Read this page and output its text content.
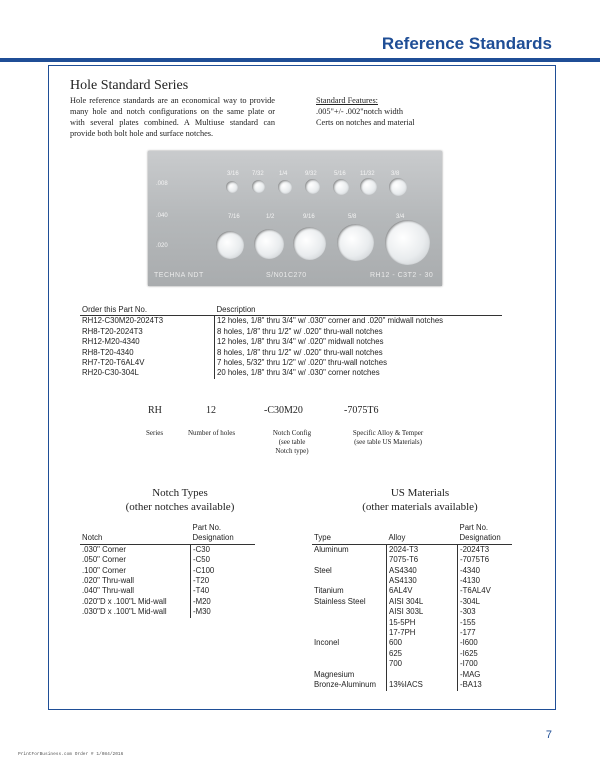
Reference Standards
Hole Standard Series
Hole reference standards are an economical way to provide many hole and notch configurations on the same plate or with several plates combined. A Multiuse standard can provide both bolt hole and surface notches.
Standard Features:
.005"+/- .002"notch width
Certs on notches and material
.008
.040
.020
3/16 7/32	1/4	9/32	5/16 11/32	3/8
7/16	1/2	9/16	5/8	3/4
TECHNA NDT	S/N01C270	RH12 - C3T2 - 30
Order this Part No.	Description
RH12-C30M20-2024T3	12 holes, 1/8" thru 3/4" w/ .030" corner and .020" midwall notches
RH8-T20-2024T3	8 holes, 1/8" thru 1/2" w/ .020" thru-wall notches
RH12-M20-4340	12 holes, 1/8" thru 3/4" w/ .020" midwall notches
RH8-T20-4340	8 holes, 1/8" thru 1/2" w/ .020" thru-wall notches
RH7-T20-T6AL4V	7 holes, 5/32" thru 1/2" w/ .020" thru-wall notches
RH20-C30-304L	20 holes, 1/8" thru 3/4" w/ .030" corner notches
RH	12	-C30M20	-7075T6
Series	Number of holes	Notch Config
(see table
Notch type)
Specific Alloy & Temper
(see table US Materials)
Notch Types
(other notches available)
Notch	Part No.
Designation
.030" Corner	-C30
.050" Corner	-C50
.100" Corner	-C100
.020" Thru-wall	-T20
.040" Thru-wall	-T40
.020"D x .100"L Mid-wall	-M20
.030"D x .100"L Mid-wall	-M30
US Materials
(other materials available)
Type	Alloy	Part No.
Designation
Aluminum	2024-T3	-2024T3
	7075-T6	-7075T6
Steel	AS4340	-4340
	AS4130	-4130
Titanium	6AL4V	-T6AL4V
Stainless Steel	AISI 304L	-304L
	AISI 303L	-303
	15-5PH	-155
	17-7PH	-177
Inconel	600	-I600
	625	-I625
	700	-I700
Magnesium		-MAG
Bronze-Aluminum	13%IACS	-BA13
7
PrintForBusiness.com Order # 1/084/2016
